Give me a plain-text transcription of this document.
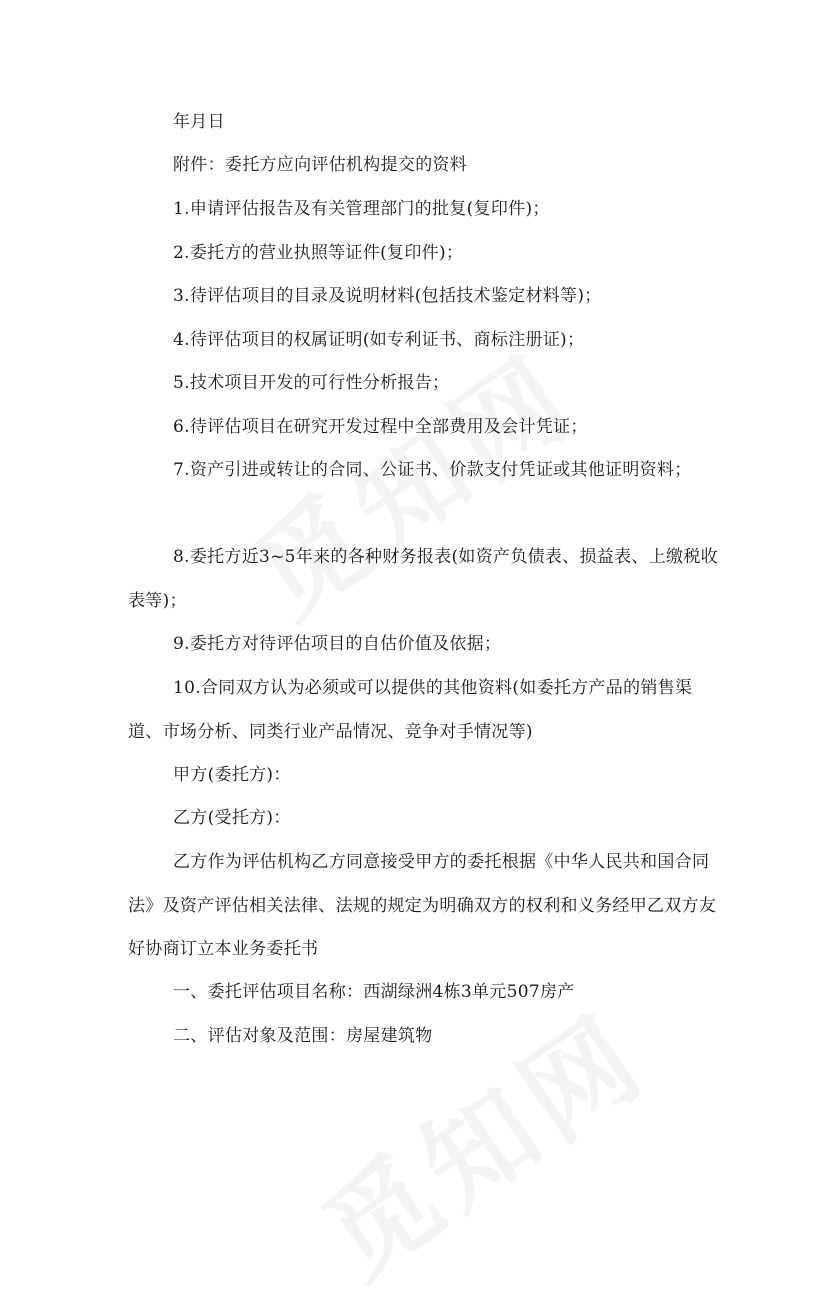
年月日

附件：委托方应向评估机构提交的资料

1.申请评估报告及有关管理部门的批复(复印件)；

2.委托方的营业执照等证件(复印件)；

3.待评估项目的目录及说明材料(包括技术鉴定材料等)；

4.待评估项目的权属证明(如专利证书、商标注册证)；

5.技术项目开发的可行性分析报告；

6.待评估项目在研究开发过程中全部费用及会计凭证；

7.资产引进或转让的合同、公证书、价款支付凭证或其他证明资料；

8.委托方近3~5年来的各种财务报表(如资产负债表、损益表、上缴税收表等)；

9.委托方对待评估项目的自估价值及依据；

10.合同双方认为必须或可以提供的其他资料(如委托方产品的销售渠道、市场分析、同类行业产品情况、竞争对手情况等)

甲方(委托方)：

乙方(受托方)：

乙方作为评估机构乙方同意接受甲方的委托根据《中华人民共和国合同法》及资产评估相关法律、法规的规定为明确双方的权利和义务经甲乙双方友好协商订立本业务委托书

一、委托评估项目名称：西湖绿洲4栋3单元507房产

二、评估对象及范围：房屋建筑物
